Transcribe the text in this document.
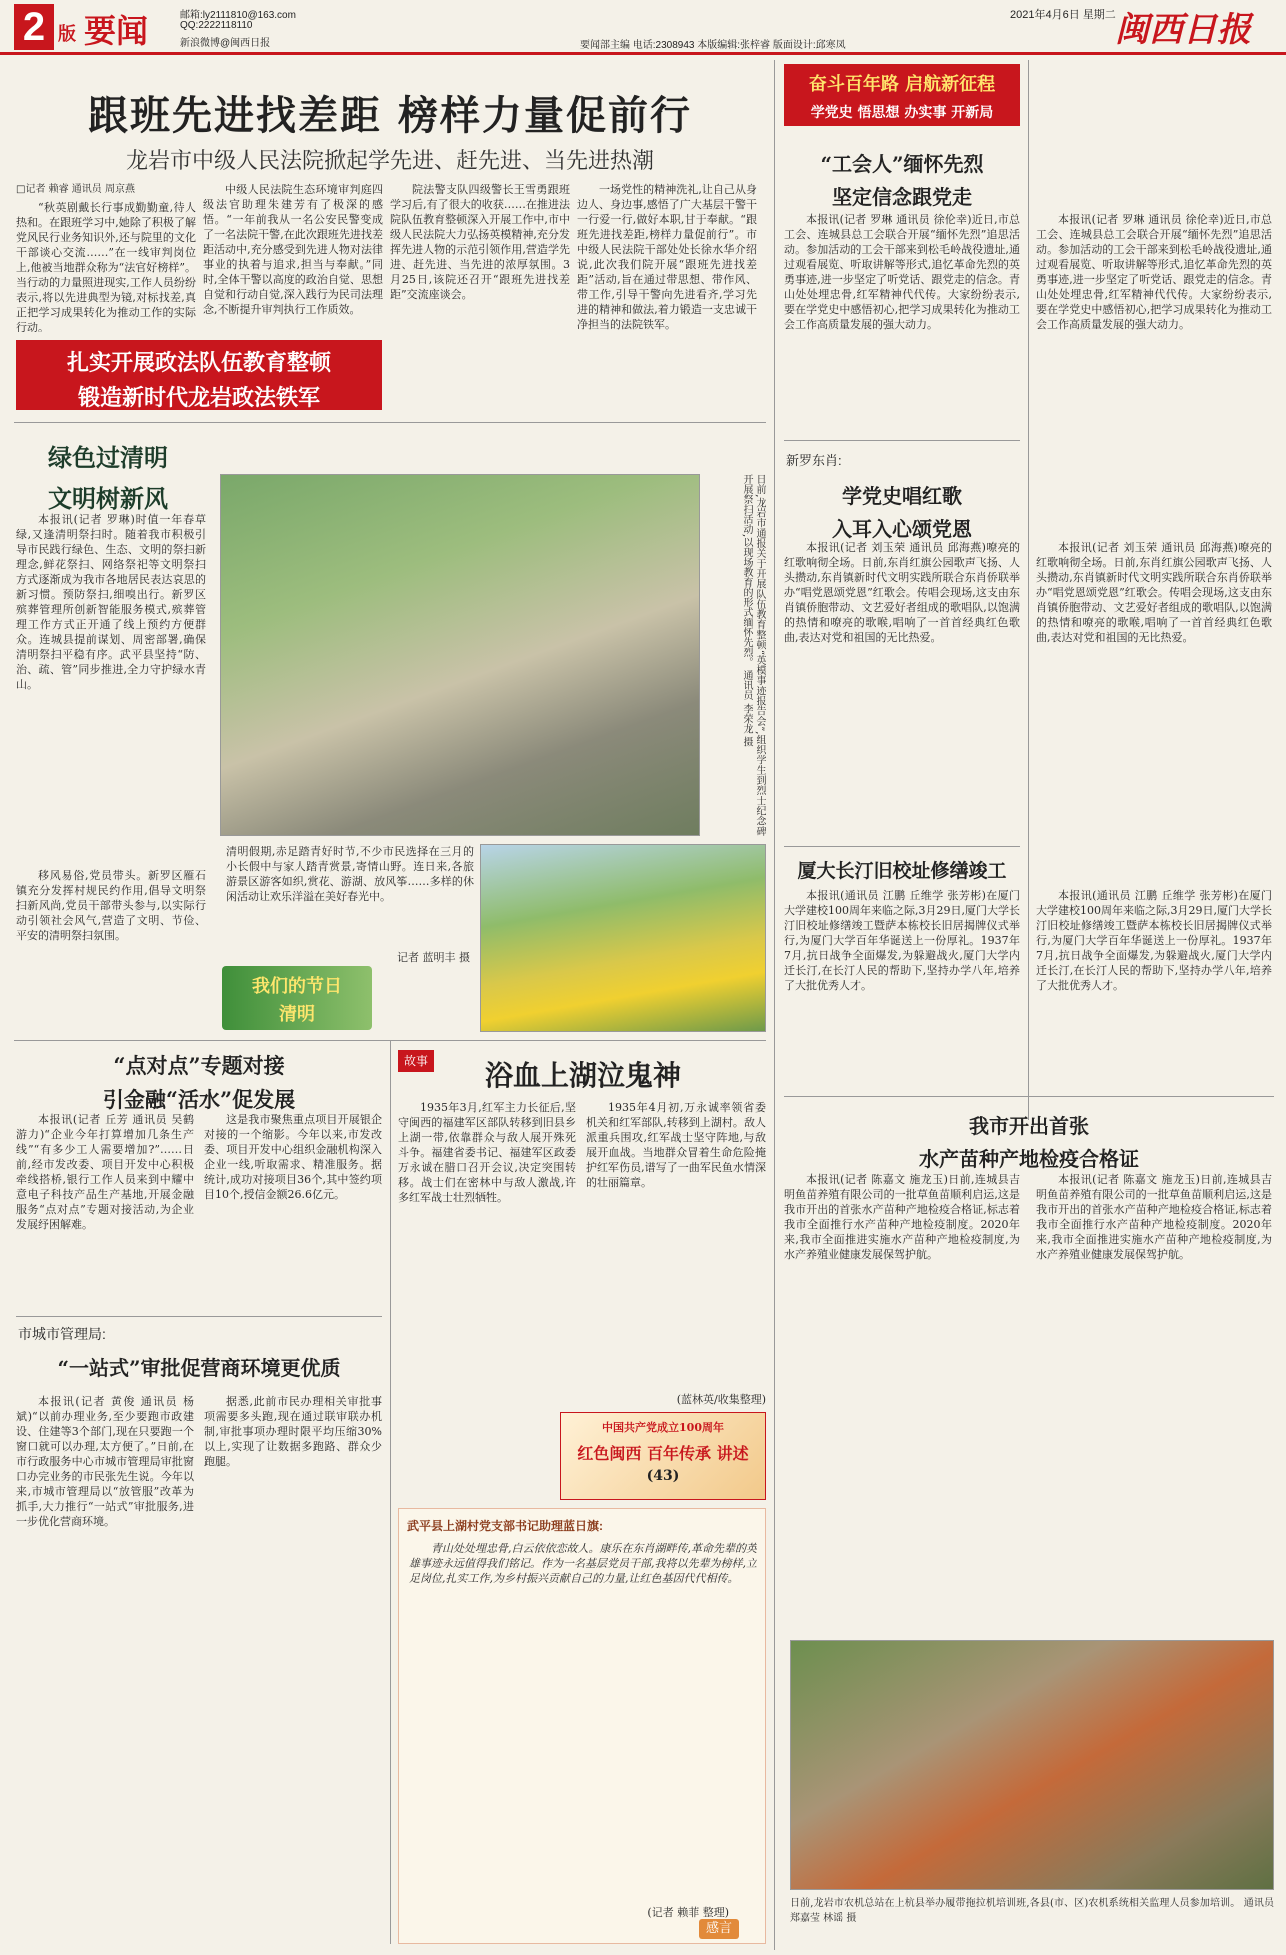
2 版 要闻	邮箱:ly2111810@163.com
QQ:2222118110
新浪微博@闽西日报	要闻部主编 电话:2308943 本版编辑:张梓睿 版面设计:邱寒凤
2021年4月6日 星期二 闽西日报
跟班先进找差距 榜样力量促前行
龙岩市中级人民法院掀起学先进、赶先进、当先进热潮
□记者 赖睿 通讯员 周京燕

“秋英剧戴长行事成勤勤童,待人热和。在跟班学习中,她除了积极了解党风民行业务知识外,还与院里的文化干部谈心交流……”在一线审判岗位上,他被当地群众称为“法官好榜样”。当行动的力量照进现实,工作人员纷纷表示,将以先进典型为镜,对标找差,真正把学习成果转化为推动工作的实际行动。

中级人民法院生态环境审判庭四级法官助理朱建芳有了极深的感悟。“一年前我从一名公安民警变成了一名法院干警,在此次跟班先进找差距活动中,充分感受到先进人物对法律事业的执着与追求,担当与奉献。”同时,全体干警以高度的政治自觉、思想自觉和行动自觉,深入践行为民司法理念,不断提升审判执行工作质效。

院法警支队四级警长王雪勇跟班学习后,有了很大的收获……在推进法院队伍教育整顿深入开展工作中,市中级人民法院大力弘扬英模精神,充分发挥先进人物的示范引领作用,营造学先进、赶先进、当先进的浓厚氛围。3月25日,该院还召开“跟班先进找差距”交流座谈会。

一场党性的精神洗礼,让自己从身边人、身边事,感悟了广大基层干警干一行爱一行,做好本职,甘于奉献。“跟班先进找差距,榜样力量促前行”。市中级人民法院干部处处长徐水华介绍说,此次我们院开展“跟班先进找差距”活动,旨在通过带思想、带作风、带工作,引导干警向先进看齐,学习先进的精神和做法,着力锻造一支忠诚干净担当的法院铁军。

扎实开展政法队伍教育整顿
锻造新时代龙岩政法铁军
奋斗百年路 启航新征程
学党史 悟思想 办实事 开新局
“工会人”缅怀先烈
坚定信念跟党走

本报讯(记者 罗琳 通讯员 徐伦幸)近日,市总工会、连城县总工会联合开展“缅怀先烈”追思活动。参加活动的工会干部来到松毛岭战役遗址,通过观看展览、听取讲解等形式,追忆革命先烈的英勇事迹,进一步坚定了听党话、跟党走的信念。青山处处埋忠骨,红军精神代代传。大家纷纷表示,要在学党史中感悟初心,把学习成果转化为推动工会工作高质量发展的强大动力。

新罗东肖:
学党史唱红歌
入耳入心颂党恩

本报讯(记者 刘玉荣 通讯员 邱海燕)嘹亮的红歌响彻全场。日前,东肖红旗公园歌声飞扬、人头攒动,东肖镇新时代文明实践所联合东肖侨联举办“唱党恩颂党恩”红歌会。传唱会现场,这支由东肖镇侨胞带动、文艺爱好者组成的歌唱队,以饱满的热情和嘹亮的歌喉,唱响了一首首经典红色歌曲,表达对党和祖国的无比热爱。

厦大长汀旧校址修缮竣工

本报讯(通讯员 江鹏 丘维学 张芳彬)在厦门大学建校100周年来临之际,3月29日,厦门大学长汀旧校址修缮竣工暨萨本栋校长旧居揭牌仪式举行,为厦门大学百年华诞送上一份厚礼。1937年7月,抗日战争全面爆发,为躲避战火,厦门大学内迁长汀,在长汀人民的帮助下,坚持办学八年,培养了大批优秀人才。

本报讯(记者 罗琳 通讯员 徐伦幸)近日,市总工会、连城县总工会联合开展“缅怀先烈”追思活动。参加活动的工会干部来到松毛岭战役遗址,通过观看展览、听取讲解等形式,追忆革命先烈的英勇事迹,进一步坚定了听党话、跟党走的信念。青山处处埋忠骨,红军精神代代传。大家纷纷表示,要在学党史中感悟初心,把学习成果转化为推动工会工作高质量发展的强大动力。

本报讯(记者 刘玉荣 通讯员 邱海燕)嘹亮的红歌响彻全场。日前,东肖红旗公园歌声飞扬、人头攒动,东肖镇新时代文明实践所联合东肖侨联举办“唱党恩颂党恩”红歌会。传唱会现场,这支由东肖镇侨胞带动、文艺爱好者组成的歌唱队,以饱满的热情和嘹亮的歌喉,唱响了一首首经典红色歌曲,表达对党和祖国的无比热爱。

本报讯(通讯员 江鹏 丘维学 张芳彬)在厦门大学建校100周年来临之际,3月29日,厦门大学长汀旧校址修缮竣工暨萨本栋校长旧居揭牌仪式举行,为厦门大学百年华诞送上一份厚礼。1937年7月,抗日战争全面爆发,为躲避战火,厦门大学内迁长汀,在长汀人民的帮助下,坚持办学八年,培养了大批优秀人才。

我市开出首张
水产苗种产地检疫合格证

本报讯(记者 陈嘉文 施龙玉)日前,连城县吉明鱼苗养殖有限公司的一批草鱼苗顺利启运,这是我市开出的首张水产苗种产地检疫合格证,标志着我市全面推行水产苗种产地检疫制度。2020年来,我市全面推进实施水产苗种产地检疫制度,为水产养殖业健康发展保驾护航。

本报讯(记者 陈嘉文 施龙玉)日前,连城县吉明鱼苗养殖有限公司的一批草鱼苗顺利启运,这是我市开出的首张水产苗种产地检疫合格证,标志着我市全面推行水产苗种产地检疫制度。2020年来,我市全面推进实施水产苗种产地检疫制度,为水产养殖业健康发展保驾护航。

日前,龙岩市农机总站在上杭县举办履带拖拉机培训班,各县(市、区)农机系统相关监理人员参加培训。 通讯员 郑嘉莹 林谣 摄
绿色过清明
文明树新风

本报讯(记者 罗琳)时值一年春草绿,又逢清明祭扫时。随着我市积极引导市民践行绿色、生态、文明的祭扫新理念,鲜花祭扫、网络祭祀等文明祭扫方式逐渐成为我市各地居民表达哀思的新习惯。预防祭扫,细嗅出行。新罗区殡葬管理所创新智能服务模式,殡葬管理工作方式正开通了线上预约方便群众。连城县提前谋划、周密部署,确保清明祭扫平稳有序。武平县坚持“防、治、疏、管”同步推进,全力守护绿水青山。

移风易俗,党员带头。新罗区雁石镇充分发挥村规民约作用,倡导文明祭扫新风尚,党员干部带头参与,以实际行动引领社会风气,营造了文明、节俭、平安的清明祭扫氛围。

日前,龙岩市通报关于开展队伍教育整顿“英模事迹报告会”,组织学生到烈士纪念碑开展祭扫活动,以现场教育的形式缅怀先烈。 通讯员 李荣龙 摄
清明假期,赤足踏青好时节,不少市民选择在三月的小长假中与家人踏青赏景,寄情山野。连日来,各旅游景区游客如织,赏花、游湖、放风筝……多样的休闲活动让欢乐洋溢在美好春光中。
记者 蓝明丰 摄
我们的节日
清明
“点对点”专题对接
引金融“活水”促发展

本报讯(记者 丘芳 通讯员 吴鹤 游力)“企业今年打算增加几条生产线”“有多少工人需要增加?”……日前,经市发改委、项目开发中心积极牵线搭桥,银行工作人员来到中耀中意电子科技产品生产基地,开展金融服务“点对点”专题对接活动,为企业发展纾困解难。

这是我市聚焦重点项目开展银企对接的一个缩影。今年以来,市发改委、项目开发中心组织金融机构深入企业一线,听取需求、精准服务。据统计,成功对接项目36个,其中签约项目10个,授信金额26.6亿元。

市城市管理局:
“一站式”审批促营商环境更优质

本报讯(记者 黄俊 通讯员 杨斌)“以前办理业务,至少要跑市政建设、住建等3个部门,现在只要跑一个窗口就可以办理,太方便了。”日前,在市行政服务中心市城市管理局审批窗口办完业务的市民张先生说。今年以来,市城市管理局以“放管服”改革为抓手,大力推行“一站式”审批服务,进一步优化营商环境。

据悉,此前市民办理相关审批事项需要多头跑,现在通过联审联办机制,审批事项办理时限平均压缩30%以上,实现了让数据多跑路、群众少跑腿。

故事	浴血上湖泣鬼神

1935年3月,红军主力长征后,坚守闽西的福建军区部队转移到旧县乡上湖一带,依靠群众与敌人展开殊死斗争。福建省委书记、福建军区政委万永诚在腊口召开会议,决定突围转移。战士们在密林中与敌人激战,许多红军战士壮烈牺牲。

1935年4月初,万永诚率领省委机关和红军部队,转移到上湖村。敌人派重兵围攻,红军战士坚守阵地,与敌展开血战。当地群众冒着生命危险掩护红军伤员,谱写了一曲军民鱼水情深的壮丽篇章。

(蓝林英/收集整理)
中国共产党成立100周年
红色闽西 百年传承 讲述
(43)
武平县上湖村党支部书记助理蓝日旗:

青山处处埋忠骨,白云依依恋故人。康乐在东肖湖畔传,革命先辈的英雄事迹永远值得我们铭记。作为一名基层党员干部,我将以先辈为榜样,立足岗位,扎实工作,为乡村振兴贡献自己的力量,让红色基因代代相传。

(记者 赖菲 整理)
感言
